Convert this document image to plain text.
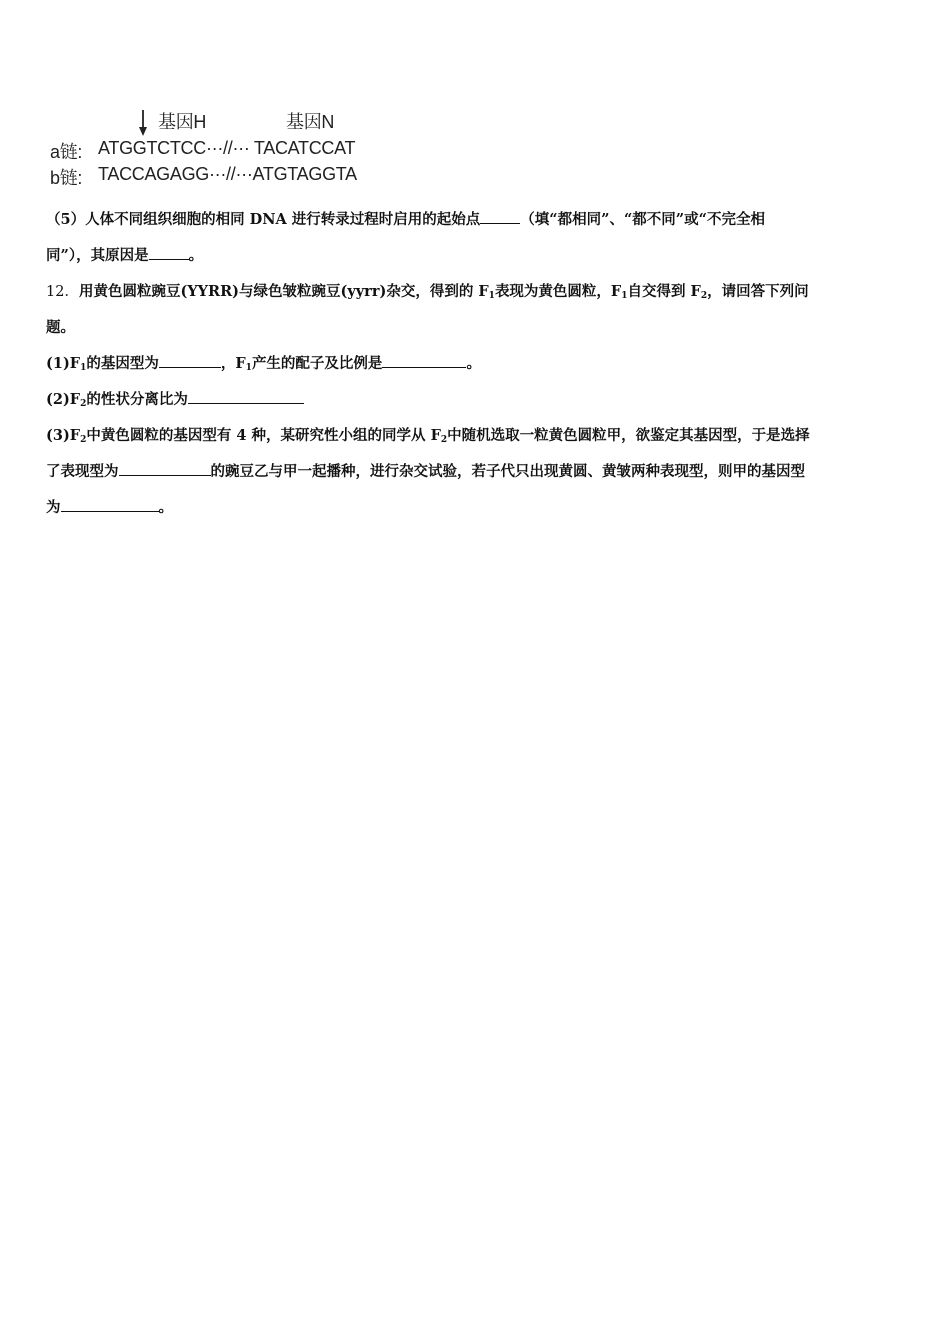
基因H	基因N
a链: ATGGTCTCC···//··· TACATCCAT
b链: TACCAGAGG···//···ATGTAGGTA
（5）人体不同组织细胞的相同 DNA 进行转录过程时启用的起始点	（填“都相同”、“都不同”或“不完全相
同”），其原因是	。
12．用黄色圆粒豌豆(YYRR)与绿色皱粒豌豆(yyrr)杂交，得到的 $F_1$表现为黄色圆粒，$F_1$自交得到 $F_2$，请回答下列问
题。
$(1)F_1$的基因型为	，$F_1$产生的配子及比例是	。
$(2)F_2$的性状分离比为
$(3)F_2$中黄色圆粒的基因型有 4 种，某研究性小组的同学从 $F_2$中随机选取一粒黄色圆粒甲，欲鉴定其基因型，于是选择
了表现型为	的豌豆乙与甲一起播种，进行杂交试验，若子代只出现黄圆、黄皱两种表现型，则甲的基因型
为	。
